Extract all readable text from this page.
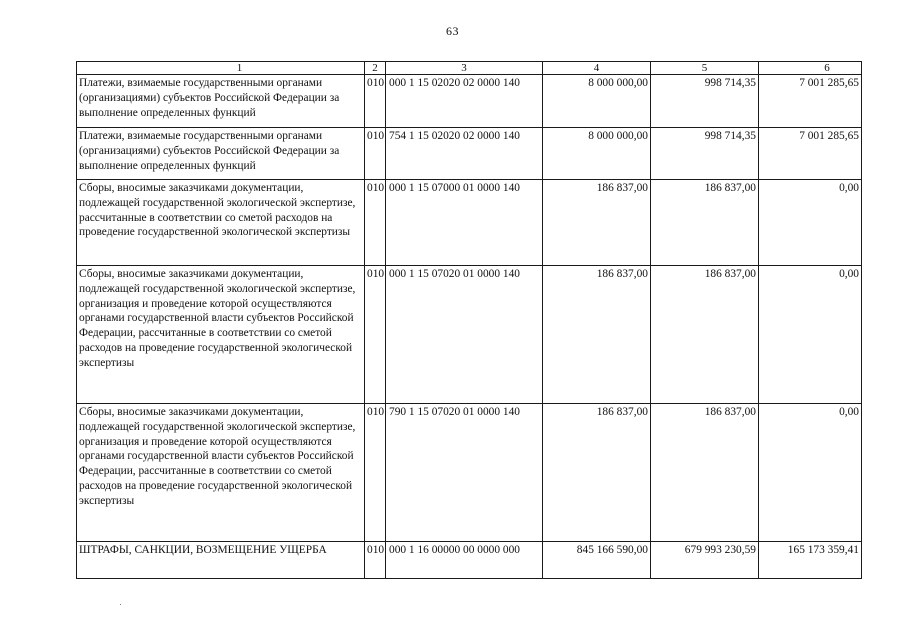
63
1	2	3	4	5	6
Платежи, взимаемые государственными органами (организациями) субъектов Российской Федерации за выполнение определенных функций	010	000 1 15 02020 02 0000 140	8 000 000,00	998 714,35	7 001 285,65
Платежи, взимаемые государственными органами (организациями) субъектов Российской Федерации за выполнение определенных функций	010	754 1 15 02020 02 0000 140	8 000 000,00	998 714,35	7 001 285,65
Сборы, вносимые заказчиками документации, подлежащей государственной экологической экспертизе, рассчитанные в соответствии со сметой расходов на проведение государственной экологической экспертизы	010	000 1 15 07000 01 0000 140	186 837,00	186 837,00	0,00
Сборы, вносимые заказчиками документации, подлежащей государственной экологической экспертизе, организация и проведение которой осуществляются органами государственной власти субъектов Российской Федерации, рассчитанные в соответствии со сметой расходов на проведение государственной экологической экспертизы	010	000 1 15 07020 01 0000 140	186 837,00	186 837,00	0,00
Сборы, вносимые заказчиками документации, подлежащей государственной экологической экспертизе, организация и проведение которой осуществляются органами государственной власти субъектов Российской Федерации, рассчитанные в соответствии со сметой расходов на проведение государственной экологической экспертизы	010	790 1 15 07020 01 0000 140	186 837,00	186 837,00	0,00
ШТРАФЫ, САНКЦИИ, ВОЗМЕЩЕНИЕ УЩЕРБА	010	000 1 16 00000 00 0000 000	845 166 590,00	679 993 230,59	165 173 359,41
